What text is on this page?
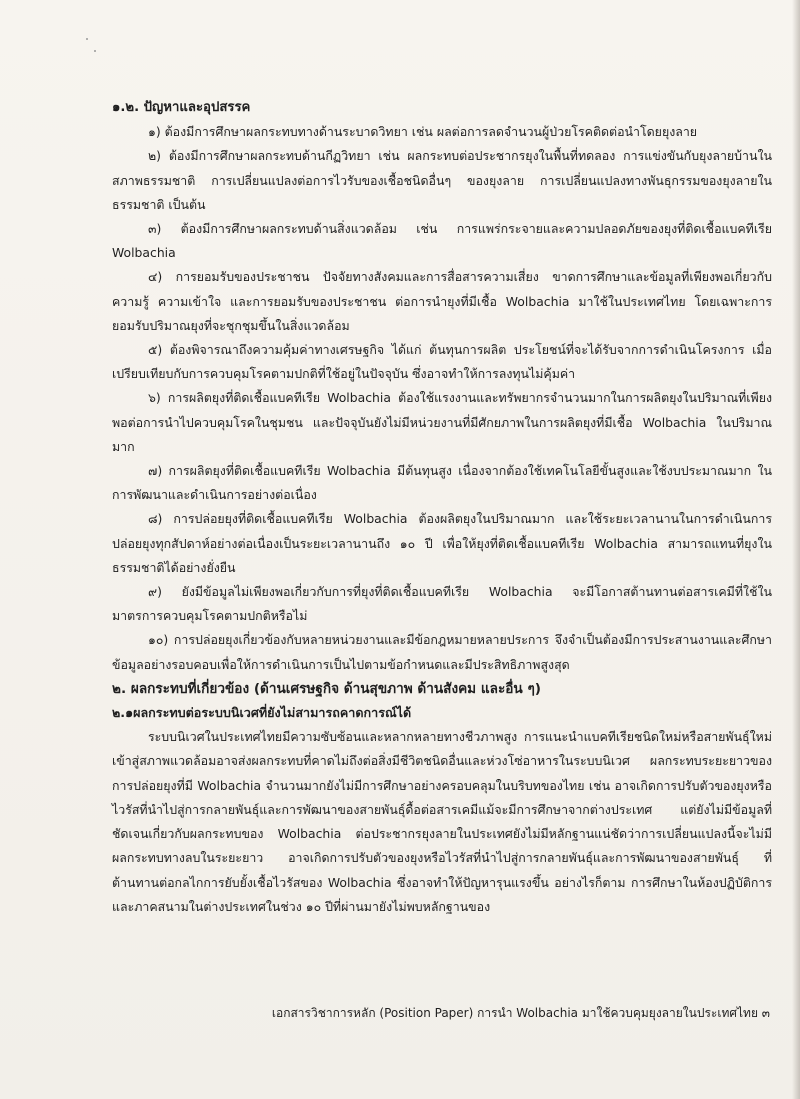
๑.๒. ปัญหาและอุปสรรค

๑) ต้องมีการศึกษาผลกระทบทางด้านระบาดวิทยา เช่น ผลต่อการลดจำนวนผู้ป่วยโรคติดต่อนำโดยยุงลาย

๒) ต้องมีการศึกษาผลกระทบด้านกีฏวิทยา เช่น ผลกระทบต่อประชากรยุงในพื้นที่ทดลอง การแข่งขันกับยุงลายบ้านในสภาพธรรมชาติ การเปลี่ยนแปลงต่อการไวรับของเชื้อชนิดอื่นๆ ของยุงลาย การเปลี่ยนแปลงทางพันธุกรรมของยุงลายในธรรมชาติ เป็นต้น

๓) ต้องมีการศึกษาผลกระทบด้านสิ่งแวดล้อม เช่น การแพร่กระจายและความปลอดภัยของยุงที่ติดเชื้อแบคทีเรีย Wolbachia

๔) การยอมรับของประชาชน ปัจจัยทางสังคมและการสื่อสารความเสี่ยง ขาดการศึกษาและข้อมูลที่เพียงพอเกี่ยวกับความรู้ ความเข้าใจ และการยอมรับของประชาชน ต่อการนำยุงที่มีเชื้อ Wolbachia มาใช้ในประเทศไทย โดยเฉพาะการยอมรับปริมาณยุงที่จะชุกชุมขึ้นในสิ่งแวดล้อม

๕) ต้องพิจารณาถึงความคุ้มค่าทางเศรษฐกิจ ได้แก่ ต้นทุนการผลิต ประโยชน์ที่จะได้รับจากการดำเนินโครงการ เมื่อเปรียบเทียบกับการควบคุมโรคตามปกติที่ใช้อยู่ในปัจจุบัน ซึ่งอาจทำให้การลงทุนไม่คุ้มค่า

๖) การผลิตยุงที่ติดเชื้อแบคทีเรีย Wolbachia ต้องใช้แรงงานและทรัพยากรจำนวนมากในการผลิตยุงในปริมาณที่เพียงพอต่อการนำไปควบคุมโรคในชุมชน และปัจจุบันยังไม่มีหน่วยงานที่มีศักยภาพในการผลิตยุงที่มีเชื้อ Wolbachia ในปริมาณมาก

๗) การผลิตยุงที่ติดเชื้อแบคทีเรีย Wolbachia มีต้นทุนสูง เนื่องจากต้องใช้เทคโนโลยีขั้นสูงและใช้งบประมาณมาก ในการพัฒนาและดำเนินการอย่างต่อเนื่อง

๘) การปล่อยยุงที่ติดเชื้อแบคทีเรีย Wolbachia ต้องผลิตยุงในปริมาณมาก และใช้ระยะเวลานานในการดำเนินการปล่อยยุงทุกสัปดาห์อย่างต่อเนื่องเป็นระยะเวลานานถึง ๑๐ ปี เพื่อให้ยุงที่ติดเชื้อแบคทีเรีย Wolbachia สามารถแทนที่ยุงในธรรมชาติได้อย่างยั่งยืน

๙) ยังมีข้อมูลไม่เพียงพอเกี่ยวกับการที่ยุงที่ติดเชื้อแบคทีเรีย Wolbachia จะมีโอกาสต้านทานต่อสารเคมีที่ใช้ในมาตรการควบคุมโรคตามปกติหรือไม่

๑๐) การปล่อยยุงเกี่ยวข้องกับหลายหน่วยงานและมีข้อกฎหมายหลายประการ จึงจำเป็นต้องมีการประสานงานและศึกษาข้อมูลอย่างรอบคอบเพื่อให้การดำเนินการเป็นไปตามข้อกำหนดและมีประสิทธิภาพสูงสุด

๒. ผลกระทบที่เกี่ยวข้อง (ด้านเศรษฐกิจ ด้านสุขภาพ ด้านสังคม และอื่น ๆ)

๒.๑ผลกระทบต่อระบบนิเวศที่ยังไม่สามารถคาดการณ์ได้

ระบบนิเวศในประเทศไทยมีความซับซ้อนและหลากหลายทางชีวภาพสูง การแนะนำแบคทีเรียชนิดใหม่หรือสายพันธุ์ใหม่เข้าสู่สภาพแวดล้อมอาจส่งผลกระทบที่คาดไม่ถึงต่อสิ่งมีชีวิตชนิดอื่นและห่วงโซ่อาหารในระบบนิเวศ ผลกระทบระยะยาวของการปล่อยยุงที่มี Wolbachia จำนวนมากยังไม่มีการศึกษาอย่างครอบคลุมในบริบทของไทย เช่น อาจเกิดการปรับตัวของยุงหรือไวรัสที่นำไปสู่การกลายพันธุ์และการพัฒนาของสายพันธุ์ดื้อต่อสารเคมีแม้จะมีการศึกษาจากต่างประเทศ แต่ยังไม่มีข้อมูลที่ชัดเจนเกี่ยวกับผลกระทบของ Wolbachia ต่อประชากรยุงลายในประเทศยังไม่มีหลักฐานแน่ชัดว่าการเปลี่ยนแปลงนี้จะไม่มีผลกระทบทางลบในระยะยาว อาจเกิดการปรับตัวของยุงหรือไวรัสที่นำไปสู่การกลายพันธุ์และการพัฒนาของสายพันธุ์ ที่ต้านทานต่อกลไกการยับยั้งเชื้อไวรัสของ Wolbachia ซึ่งอาจทำให้ปัญหารุนแรงขึ้น อย่างไรก็ตาม การศึกษาในห้องปฏิบัติการและภาคสนามในต่างประเทศในช่วง ๑๐ ปีที่ผ่านมายังไม่พบหลักฐานของ

เอกสารวิชาการหลัก (Position Paper) การนำ Wolbachia มาใช้ควบคุมยุงลายในประเทศไทย ๓
